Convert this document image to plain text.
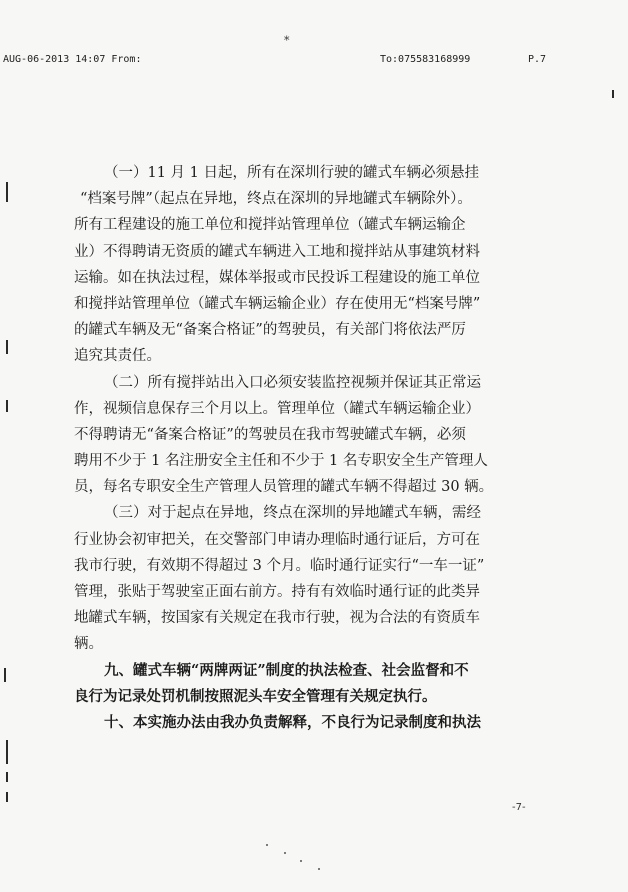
*
AUG-06-2013 14:07 From:	To:075583168999	P.7
（一）11 月 1 日起，所有在深圳行驶的罐式车辆必须悬挂
“档案号牌”（起点在异地，终点在深圳的异地罐式车辆除外）。
所有工程建设的施工单位和搅拌站管理单位（罐式车辆运输企
业）不得聘请无资质的罐式车辆进入工地和搅拌站从事建筑材料
运输。如在执法过程，媒体举报或市民投诉工程建设的施工单位
和搅拌站管理单位（罐式车辆运输企业）存在使用无“档案号牌”
的罐式车辆及无“备案合格证”的驾驶员，有关部门将依法严厉
追究其责任。
（二）所有搅拌站出入口必须安装监控视频并保证其正常运
作，视频信息保存三个月以上。管理单位（罐式车辆运输企业）
不得聘请无“备案合格证”的驾驶员在我市驾驶罐式车辆，必须
聘用不少于 1 名注册安全主任和不少于 1 名专职安全生产管理人
员，每名专职安全生产管理人员管理的罐式车辆不得超过 30 辆。
（三）对于起点在异地，终点在深圳的异地罐式车辆，需经
行业协会初审把关，在交警部门申请办理临时通行证后，方可在
我市行驶，有效期不得超过 3 个月。临时通行证实行“一车一证”
管理，张贴于驾驶室正面右前方。持有有效临时通行证的此类异
地罐式车辆，按国家有关规定在我市行驶，视为合法的有资质车
辆。
九、罐式车辆“两牌两证”制度的执法检查、社会监督和不
良行为记录处罚机制按照泥头车安全管理有关规定执行。
十、本实施办法由我办负责解释，不良行为记录制度和执法
-7-
